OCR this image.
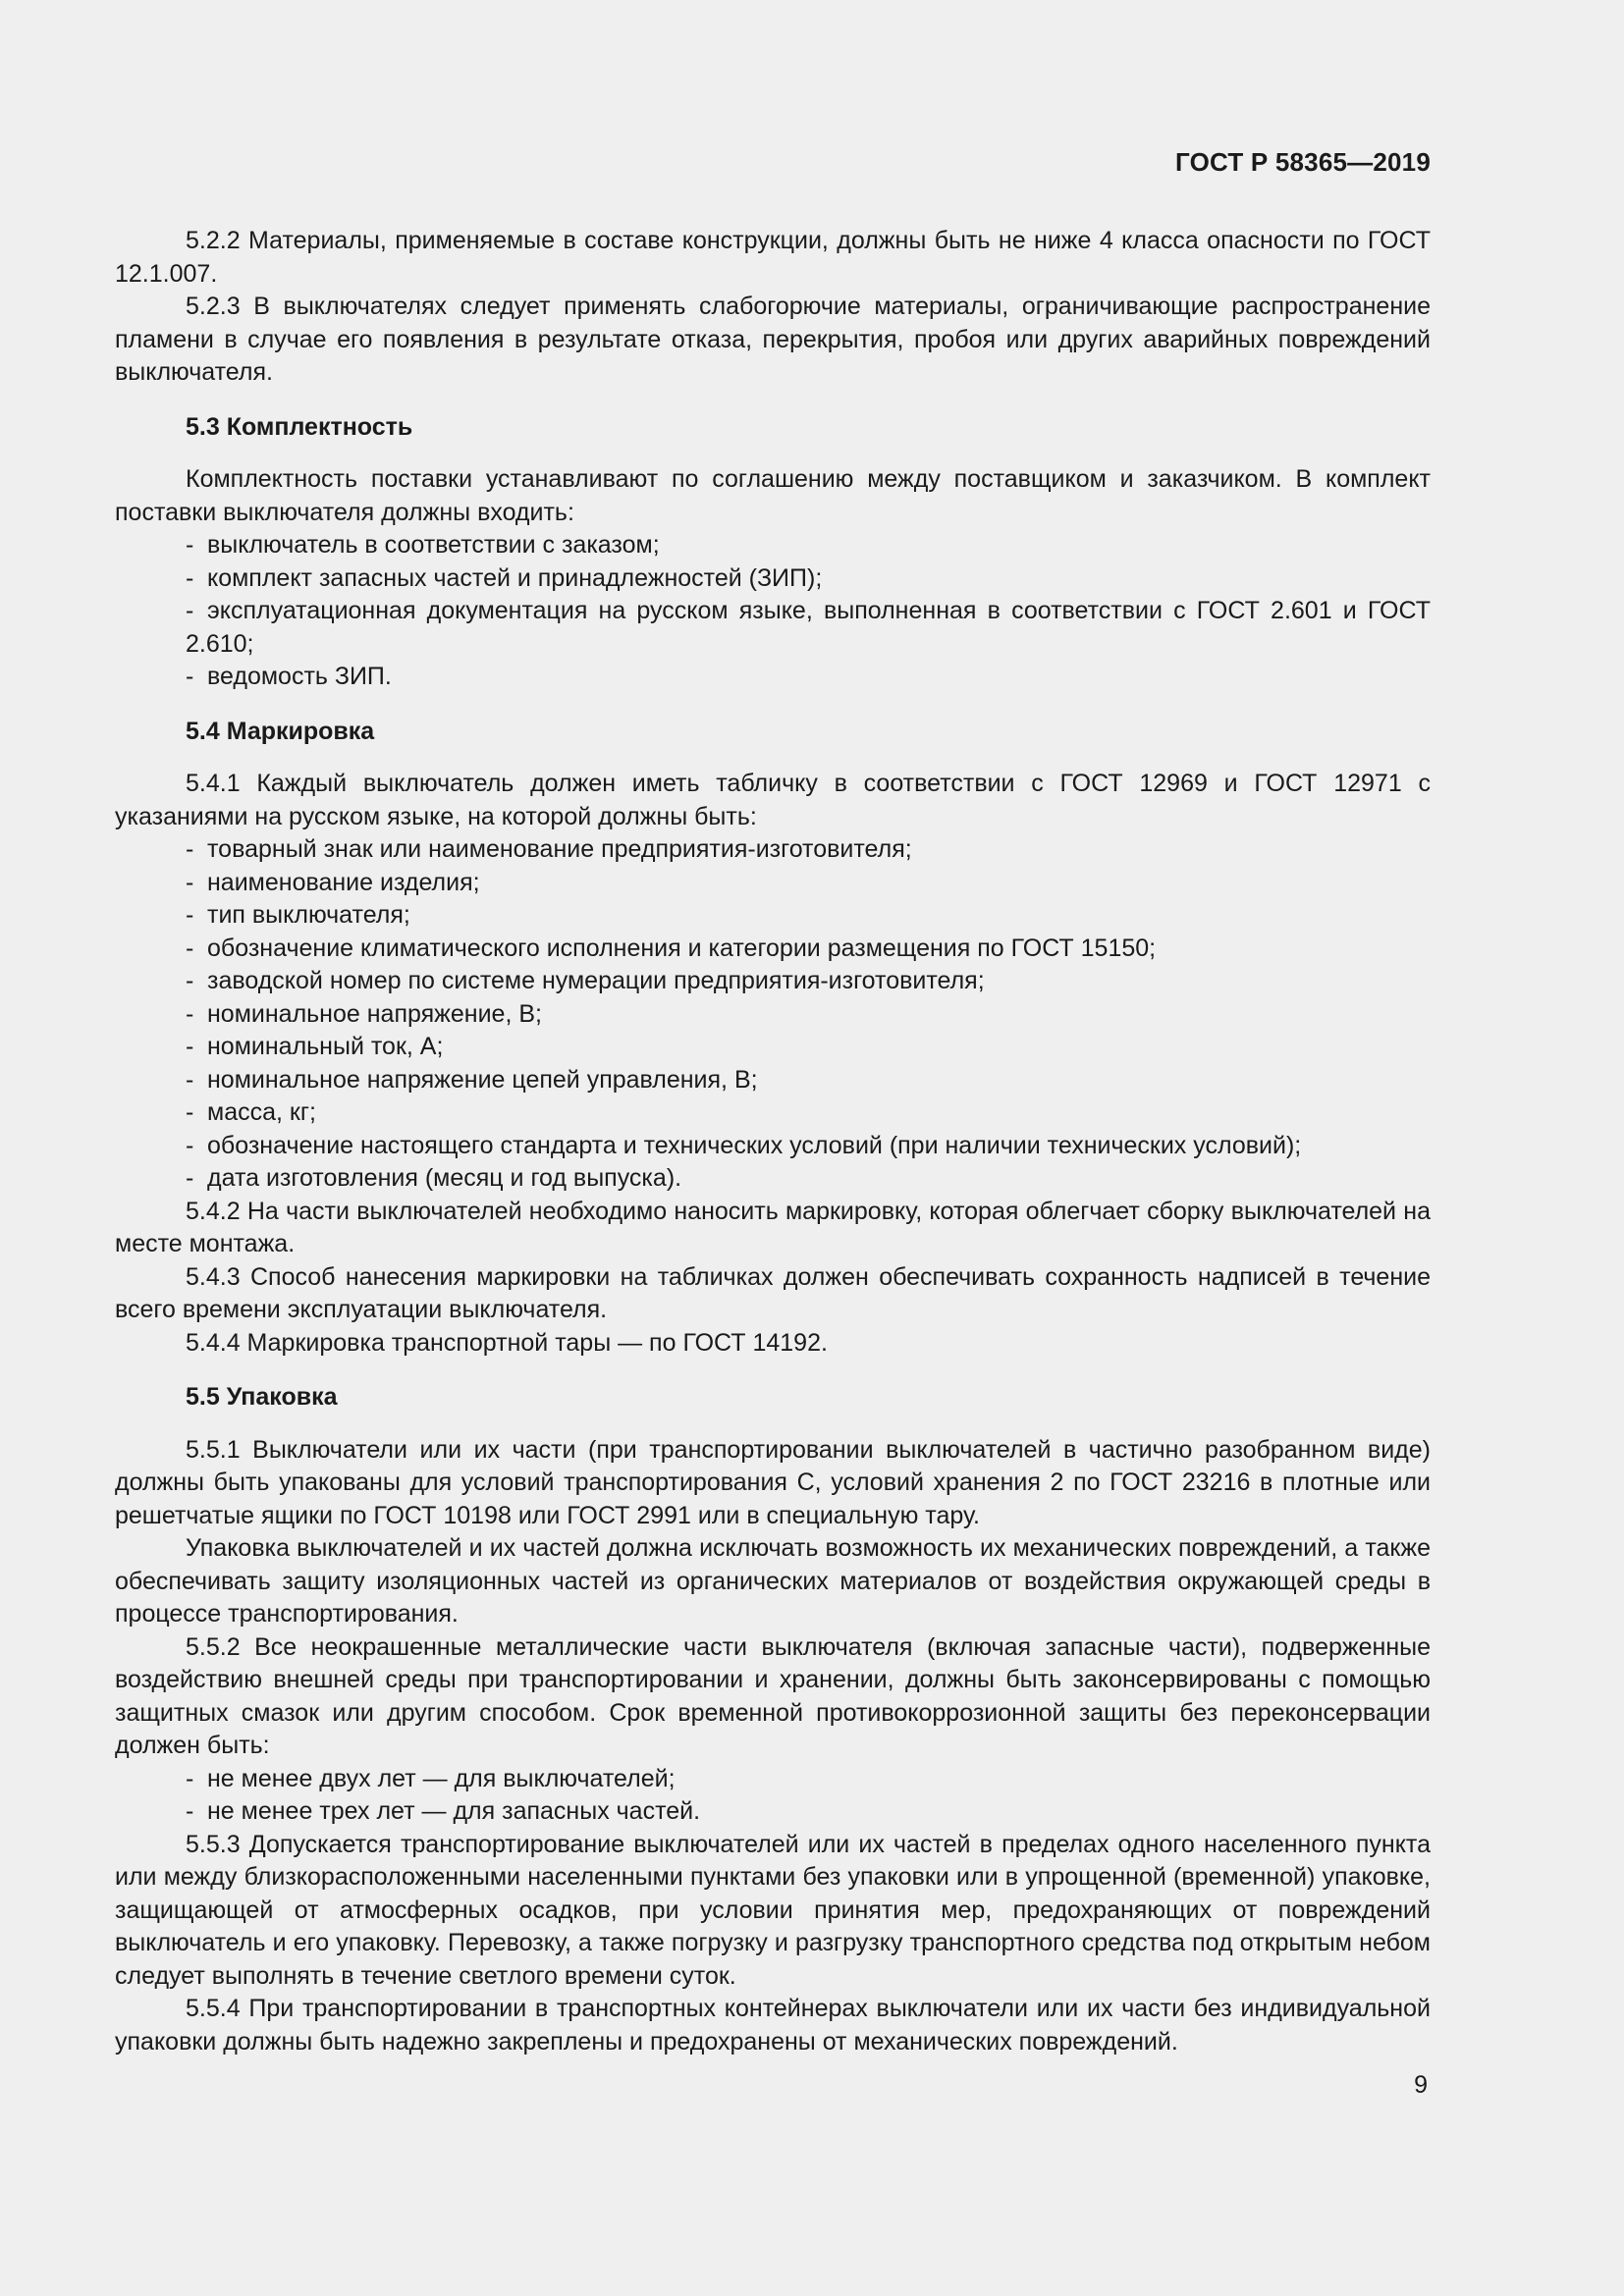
ГОСТ Р 58365—2019
5.2.2 Материалы, применяемые в составе конструкции, должны быть не ниже 4 класса опасности по ГОСТ 12.1.007.
5.2.3 В выключателях следует применять слабогорючие материалы, ограничивающие распространение пламени в случае его появления в результате отказа, перекрытия, пробоя или других аварийных повреждений выключателя.
5.3 Комплектность
Комплектность поставки устанавливают по соглашению между поставщиком и заказчиком. В комплект поставки выключателя должны входить:
- выключатель в соответствии с заказом;
- комплект запасных частей и принадлежностей (ЗИП);
- эксплуатационная документация на русском языке, выполненная в соответствии с ГОСТ 2.601 и ГОСТ 2.610;
- ведомость ЗИП.
5.4 Маркировка
5.4.1 Каждый выключатель должен иметь табличку в соответствии с ГОСТ 12969 и ГОСТ 12971 с указаниями на русском языке, на которой должны быть:
- товарный знак или наименование предприятия-изготовителя;
- наименование изделия;
- тип выключателя;
- обозначение климатического исполнения и категории размещения по ГОСТ 15150;
- заводской номер по системе нумерации предприятия-изготовителя;
- номинальное напряжение, В;
- номинальный ток, А;
- номинальное напряжение цепей управления, В;
- масса, кг;
- обозначение настоящего стандарта и технических условий (при наличии технических условий);
- дата изготовления (месяц и год выпуска).
5.4.2 На части выключателей необходимо наносить маркировку, которая облегчает сборку выключателей на месте монтажа.
5.4.3 Способ нанесения маркировки на табличках должен обеспечивать сохранность надписей в течение всего времени эксплуатации выключателя.
5.4.4 Маркировка транспортной тары — по ГОСТ 14192.
5.5 Упаковка
5.5.1 Выключатели или их части (при транспортировании выключателей в частично разобранном виде) должны быть упакованы для условий транспортирования С, условий хранения 2 по ГОСТ 23216 в плотные или решетчатые ящики по ГОСТ 10198 или ГОСТ 2991 или в специальную тару.
Упаковка выключателей и их частей должна исключать возможность их механических повреждений, а также обеспечивать защиту изоляционных частей из органических материалов от воздействия окружающей среды в процессе транспортирования.
5.5.2 Все неокрашенные металлические части выключателя (включая запасные части), подверженные воздействию внешней среды при транспортировании и хранении, должны быть законсервированы с помощью защитных смазок или другим способом. Срок временной противокоррозионной защиты без переконсервации должен быть:
- не менее двух лет — для выключателей;
- не менее трех лет — для запасных частей.
5.5.3 Допускается транспортирование выключателей или их частей в пределах одного населенного пункта или между близкорасположенными населенными пунктами без упаковки или в упрощенной (временной) упаковке, защищающей от атмосферных осадков, при условии принятия мер, предохраняющих от повреждений выключатель и его упаковку. Перевозку, а также погрузку и разгрузку транспортного средства под открытым небом следует выполнять в течение светлого времени суток.
5.5.4 При транспортировании в транспортных контейнерах выключатели или их части без индивидуальной упаковки должны быть надежно закреплены и предохранены от механических повреждений.
9
